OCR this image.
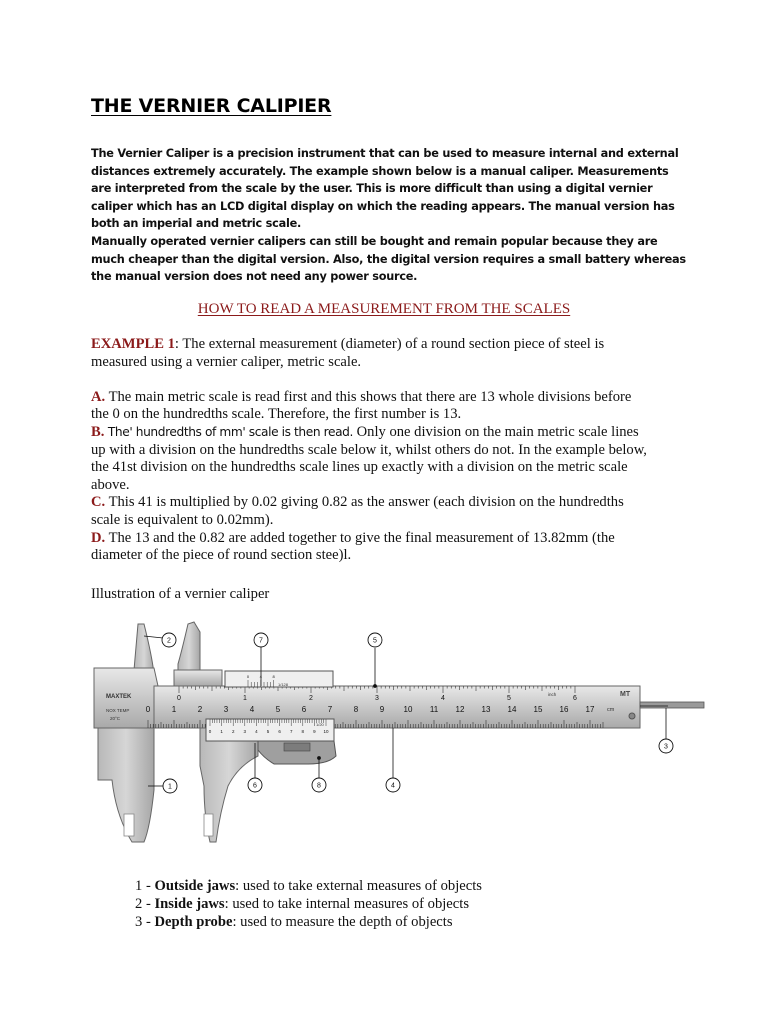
THE VERNIER CALIPIER

The Vernier Caliper is a precision instrument that can be used to measure internal and external distances extremely accurately. The example shown below is a manual caliper. Measurements are interpreted from the scale by the user. This is more difficult than using a digital vernier caliper which has an LCD digital display on which the reading appears. The manual version has both an imperial and metric scale.

Manually operated vernier calipers can still be bought and remain popular because they are much cheaper than the digital version. Also, the digital version requires a small battery whereas the manual version does not need any power source.

HOW TO READ A MEASUREMENT FROM THE SCALES

EXAMPLE 1: The external measurement (diameter) of a round section piece of steel is measured using a vernier caliper, metric scale.

A. The main metric scale is read first and this shows that there are 13 whole divisions before the 0 on the hundredths scale. Therefore, the first number is 13.

B. The' hundredths of mm' scale is then read. Only one division on the main metric scale lines up with a division on the hundredths scale below it, whilst others do not. In the example below, the 41st division on the hundredths scale lines up exactly with a division on the metric scale above.

C. This 41 is multiplied by 0.02 giving 0.82 as the answer (each division on the hundredths scale is equivalent to 0.02mm).

D. The 13 and the 0.82 are added together to give the final measurement of 13.82mm (the diameter of the piece of round section stee)l.

Illustration of a vernier caliper
0	1	2	3	4	5	6
0	1	2	3	4	5	6	7	8	9 10 11 12 13 14 15 16 17
MAXTEK
NOX TEMP
20°C
cm
inch	MT
0	4	8
1/128
0 1 2 3 4 5 6 7 8 9 10
1/20
1
2
3
4
5
6
7
8

1 - Outside jaws: used to take external measures of objects

2 - Inside jaws: used to take internal measures of objects

3 - Depth probe: used to measure the depth of objects
